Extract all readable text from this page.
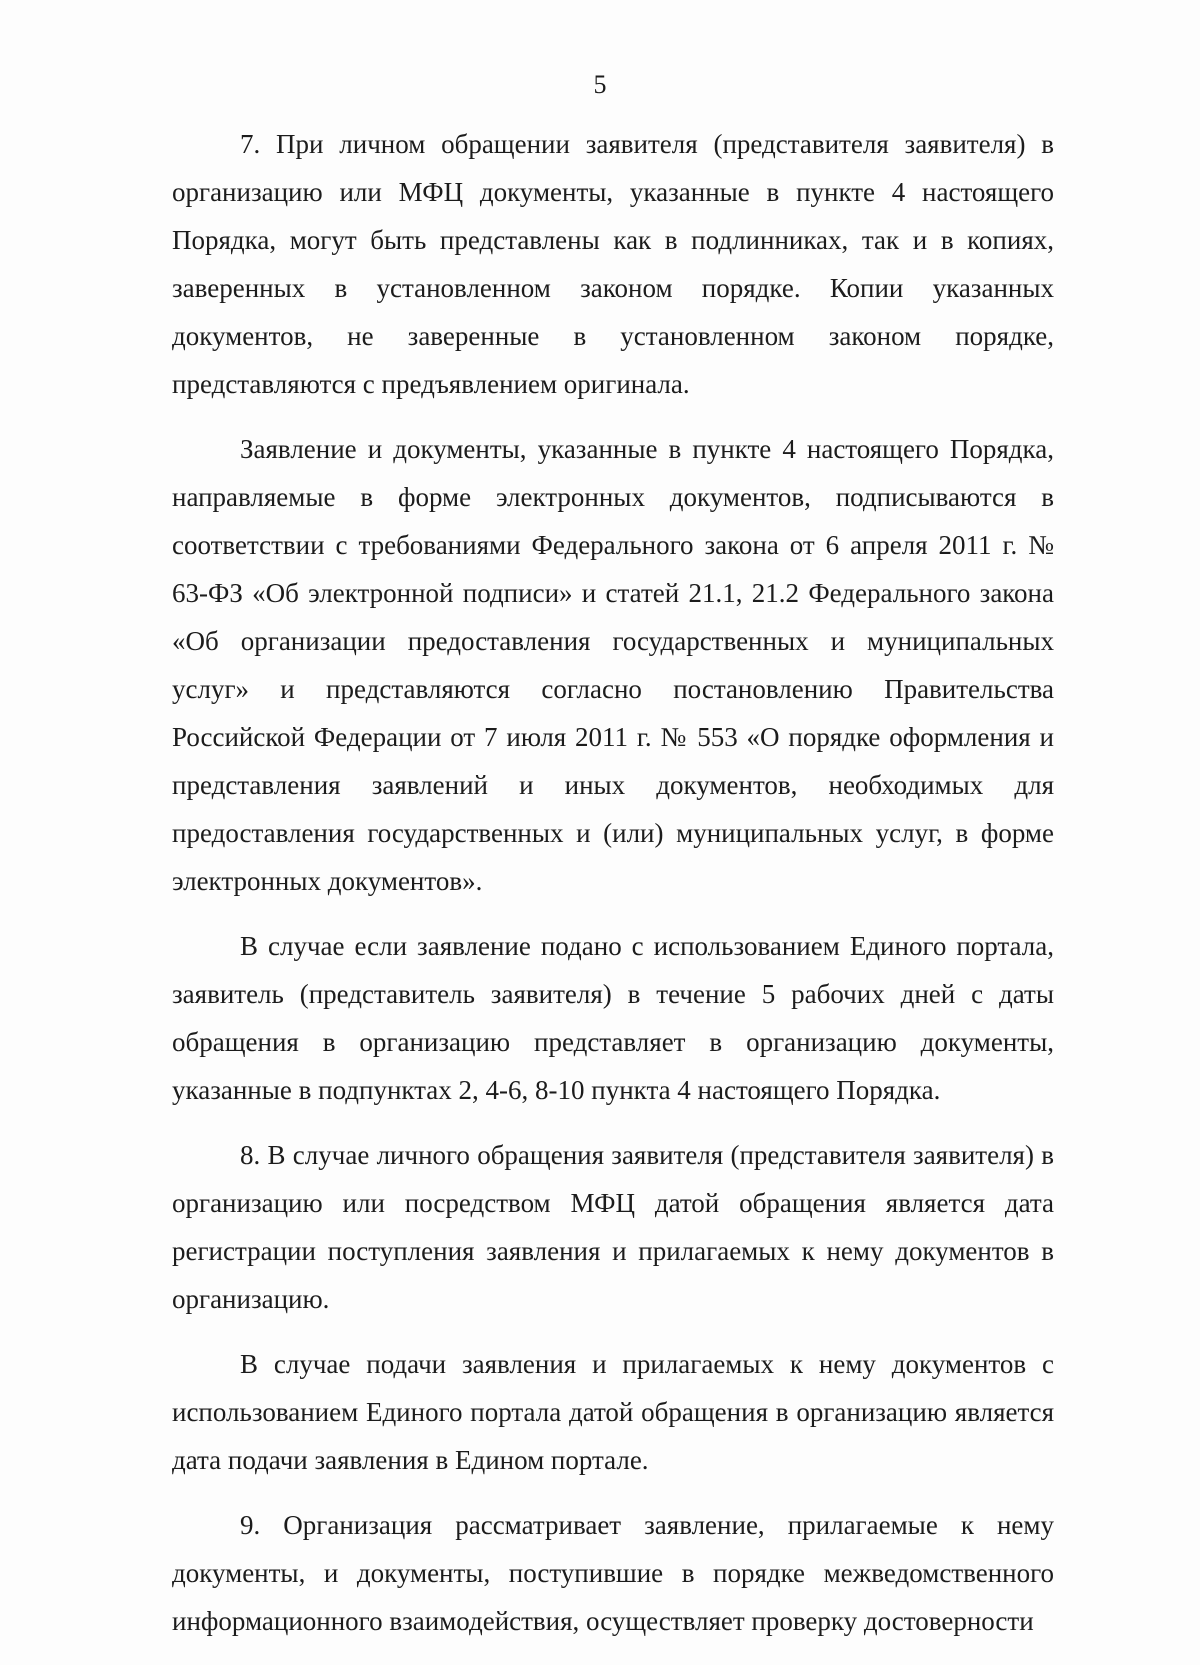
5

7. При личном обращении заявителя (представителя заявителя) в организацию или МФЦ документы, указанные в пункте 4 настоящего Порядка, могут быть представлены как в подлинниках, так и в копиях, заверенных в установленном законом порядке. Копии указанных документов, не заверенные в установленном законом порядке, представляются с предъявлением оригинала.

Заявление и документы, указанные в пункте 4 настоящего Порядка, направляемые в форме электронных документов, подписываются в соответствии с требованиями Федерального закона от 6 апреля 2011 г. № 63-ФЗ «Об электронной подписи» и статей 21.1, 21.2 Федерального закона «Об организации предоставления государственных и муниципальных услуг» и представляются согласно постановлению Правительства Российской Федерации от 7 июля 2011 г. № 553 «О порядке оформления и представления заявлений и иных документов, необходимых для предоставления государственных и (или) муниципальных услуг, в форме электронных документов».

В случае если заявление подано с использованием Единого портала, заявитель (представитель заявителя) в течение 5 рабочих дней с даты обращения в организацию представляет в организацию документы, указанные в подпунктах 2, 4-6, 8-10 пункта 4 настоящего Порядка.

8. В случае личного обращения заявителя (представителя заявителя) в организацию или посредством МФЦ датой обращения является дата регистрации поступления заявления и прилагаемых к нему документов в организацию.

В случае подачи заявления и прилагаемых к нему документов с использованием Единого портала датой обращения в организацию является дата подачи заявления в Едином портале.

9. Организация рассматривает заявление, прилагаемые к нему документы, и документы, поступившие в порядке межведомственного информационного взаимодействия, осуществляет проверку достоверности
